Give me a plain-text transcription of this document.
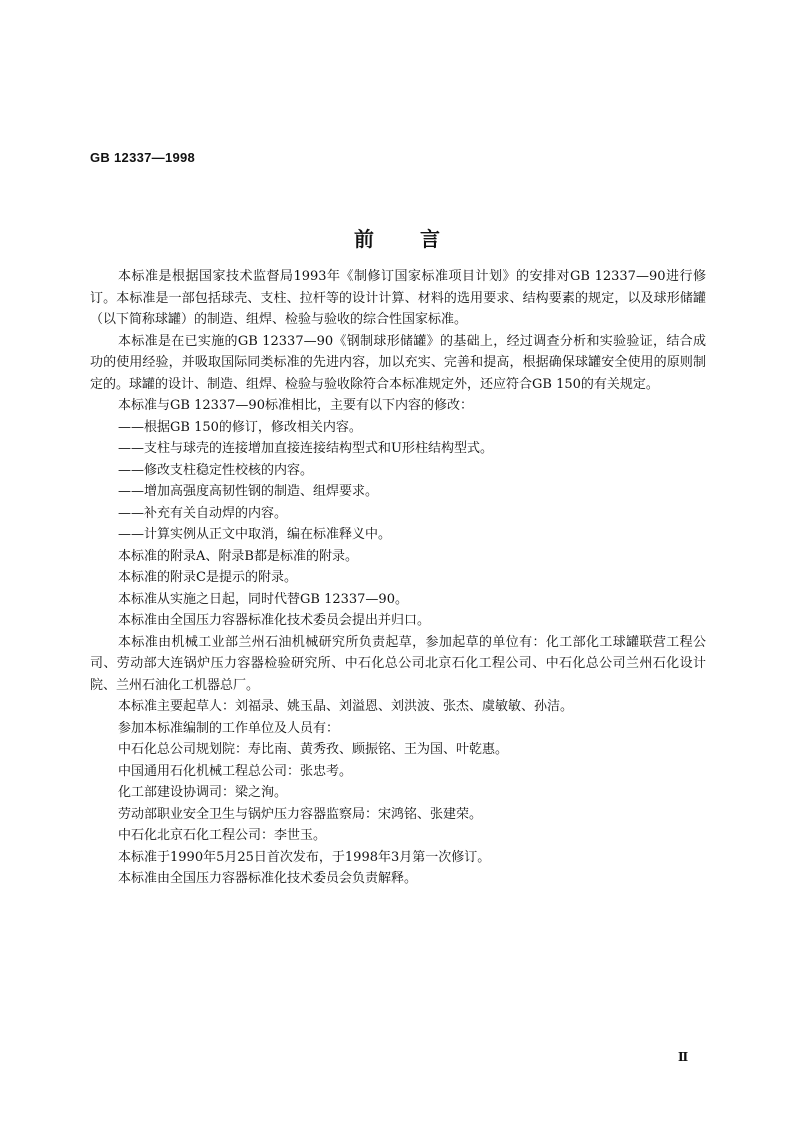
GB 12337—1998
前 言

本标准是根据国家技术监督局1993年《制修订国家标准项目计划》的安排对GB 12337—90进行修订。本标准是一部包括球壳、支柱、拉杆等的设计计算、材料的选用要求、结构要素的规定，以及球形储罐（以下简称球罐）的制造、组焊、检验与验收的综合性国家标准。

本标准是在已实施的GB 12337—90《钢制球形储罐》的基础上，经过调查分析和实验验证，结合成功的使用经验，并吸取国际同类标准的先进内容，加以充实、完善和提高，根据确保球罐安全使用的原则制定的。球罐的设计、制造、组焊、检验与验收除符合本标准规定外，还应符合GB 150的有关规定。

本标准与GB 12337—90标准相比，主要有以下内容的修改：

——根据GB 150的修订，修改相关内容。

——支柱与球壳的连接增加直接连接结构型式和U形柱结构型式。

——修改支柱稳定性校核的内容。

——增加高强度高韧性钢的制造、组焊要求。

——补充有关自动焊的内容。

——计算实例从正文中取消，编在标准释义中。

本标准的附录A、附录B都是标准的附录。

本标准的附录C是提示的附录。

本标准从实施之日起，同时代替GB 12337—90。

本标准由全国压力容器标准化技术委员会提出并归口。

本标准由机械工业部兰州石油机械研究所负责起草，参加起草的单位有：化工部化工球罐联营工程公司、劳动部大连锅炉压力容器检验研究所、中石化总公司北京石化工程公司、中石化总公司兰州石化设计院、兰州石油化工机器总厂。

本标准主要起草人：刘福录、姚玉晶、刘溢恩、刘洪波、张杰、虞敏敏、孙洁。

参加本标准编制的工作单位及人员有：

中石化总公司规划院：寿比南、黄秀孜、顾振铭、王为国、叶乾惠。

中国通用石化机械工程总公司：张忠考。

化工部建设协调司：梁之洵。

劳动部职业安全卫生与锅炉压力容器监察局：宋鸿铭、张建荣。

中石化北京石化工程公司：李世玉。

本标准于1990年5月25日首次发布，于1998年3月第一次修订。

本标准由全国压力容器标准化技术委员会负责解释。

Ⅱ
